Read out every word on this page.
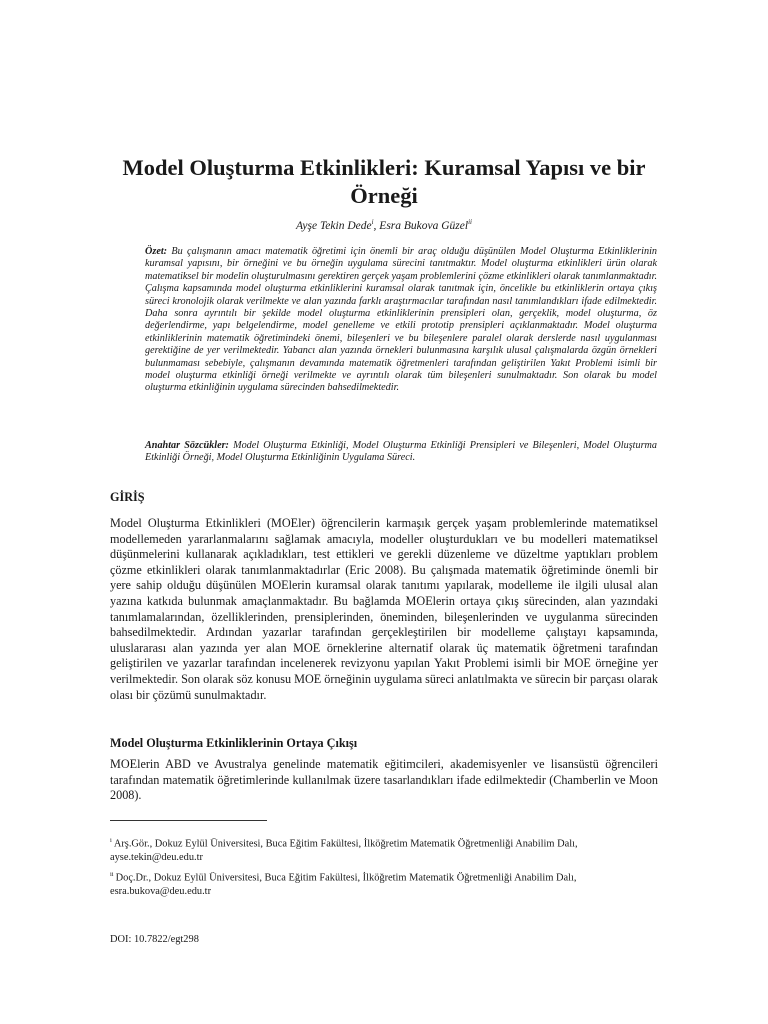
Model Oluşturma Etkinlikleri: Kuramsal Yapısı ve bir Örneği

Ayşe Tekin Dede$^i$, Esra Bukova Güzel$^{ii}$

Özet: Bu çalışmanın amacı matematik öğretimi için önemli bir araç olduğu düşünülen Model Oluşturma Etkinliklerinin kuramsal yapısını, bir örneğini ve bu örneğin uygulama sürecini tanıtmaktır. Model oluşturma etkinlikleri ürün olarak matematiksel bir modelin oluşturulmasını gerektiren gerçek yaşam problemlerini çözme etkinlikleri olarak tanımlanmaktadır. Çalışma kapsamında model oluşturma etkinliklerini kuramsal olarak tanıtmak için, öncelikle bu etkinliklerin ortaya çıkış süreci kronolojik olarak verilmekte ve alan yazında farklı araştırmacılar tarafından nasıl tanımlandıkları ifade edilmektedir. Daha sonra ayrıntılı bir şekilde model oluşturma etkinliklerinin prensipleri olan, gerçeklik, model oluşturma, öz değerlendirme, yapı belgelendirme, model genelleme ve etkili prototip prensipleri açıklanmaktadır. Model oluşturma etkinliklerinin matematik öğretimindeki önemi, bileşenleri ve bu bileşenlere paralel olarak derslerde nasıl uygulanması gerektiğine de yer verilmektedir. Yabancı alan yazında örnekleri bulunmasına karşılık ulusal çalışmalarda özgün örnekleri bulunmaması sebebiyle, çalışmanın devamında matematik öğretmenleri tarafından geliştirilen Yakıt Problemi isimli bir model oluşturma etkinliği örneği verilmekte ve ayrıntılı olarak tüm bileşenleri sunulmaktadır. Son olarak bu model oluşturma etkinliğinin uygulama sürecinden bahsedilmektedir.

Anahtar Sözcükler: Model Oluşturma Etkinliği, Model Oluşturma Etkinliği Prensipleri ve Bileşenleri, Model Oluşturma Etkinliği Örneği, Model Oluşturma Etkinliğinin Uygulama Süreci.

GİRİŞ

Model Oluşturma Etkinlikleri (MOEler) öğrencilerin karmaşık gerçek yaşam problemlerinde matematiksel modellemeden yararlanmalarını sağlamak amacıyla, modeller oluşturdukları ve bu modelleri matematiksel düşünmelerini kullanarak açıkladıkları, test ettikleri ve gerekli düzenleme ve düzeltme yaptıkları problem çözme etkinlikleri olarak tanımlanmaktadırlar (Eric 2008). Bu çalışmada matematik öğretiminde önemli bir yere sahip olduğu düşünülen MOElerin kuramsal olarak tanıtımı yapılarak, modelleme ile ilgili ulusal alan yazına katkıda bulunmak amaçlanmaktadır. Bu bağlamda MOElerin ortaya çıkış sürecinden, alan yazındaki tanımlamalarından, özelliklerinden, prensiplerinden, öneminden, bileşenlerinden ve uygulanma sürecinden bahsedilmektedir. Ardından yazarlar tarafından gerçekleştirilen bir modelleme çalıştayı kapsamında, uluslararası alan yazında yer alan MOE örneklerine alternatif olarak üç matematik öğretmeni tarafından geliştirilen ve yazarlar tarafından incelenerek revizyonu yapılan Yakıt Problemi isimli bir MOE örneğine yer verilmektedir. Son olarak söz konusu MOE örneğinin uygulama süreci anlatılmakta ve sürecin bir parçası olarak olası bir çözümü sunulmaktadır.

Model Oluşturma Etkinliklerinin Ortaya Çıkışı

MOElerin ABD ve Avustralya genelinde matematik eğitimcileri, akademisyenler ve lisansüstü öğrencileri tarafından matematik öğretimlerinde kullanılmak üzere tasarlandıkları ifade edilmektedir (Chamberlin ve Moon 2008).

$^i$ Arş.Gör., Dokuz Eylül Üniversitesi, Buca Eğitim Fakültesi, İlköğretim Matematik Öğretmenliği Anabilim Dalı, ayse.tekin@deu.edu.tr

$^{ii}$ Doç.Dr., Dokuz Eylül Üniversitesi, Buca Eğitim Fakültesi, İlköğretim Matematik Öğretmenliği Anabilim Dalı, esra.bukova@deu.edu.tr

DOI: 10.7822/egt298
